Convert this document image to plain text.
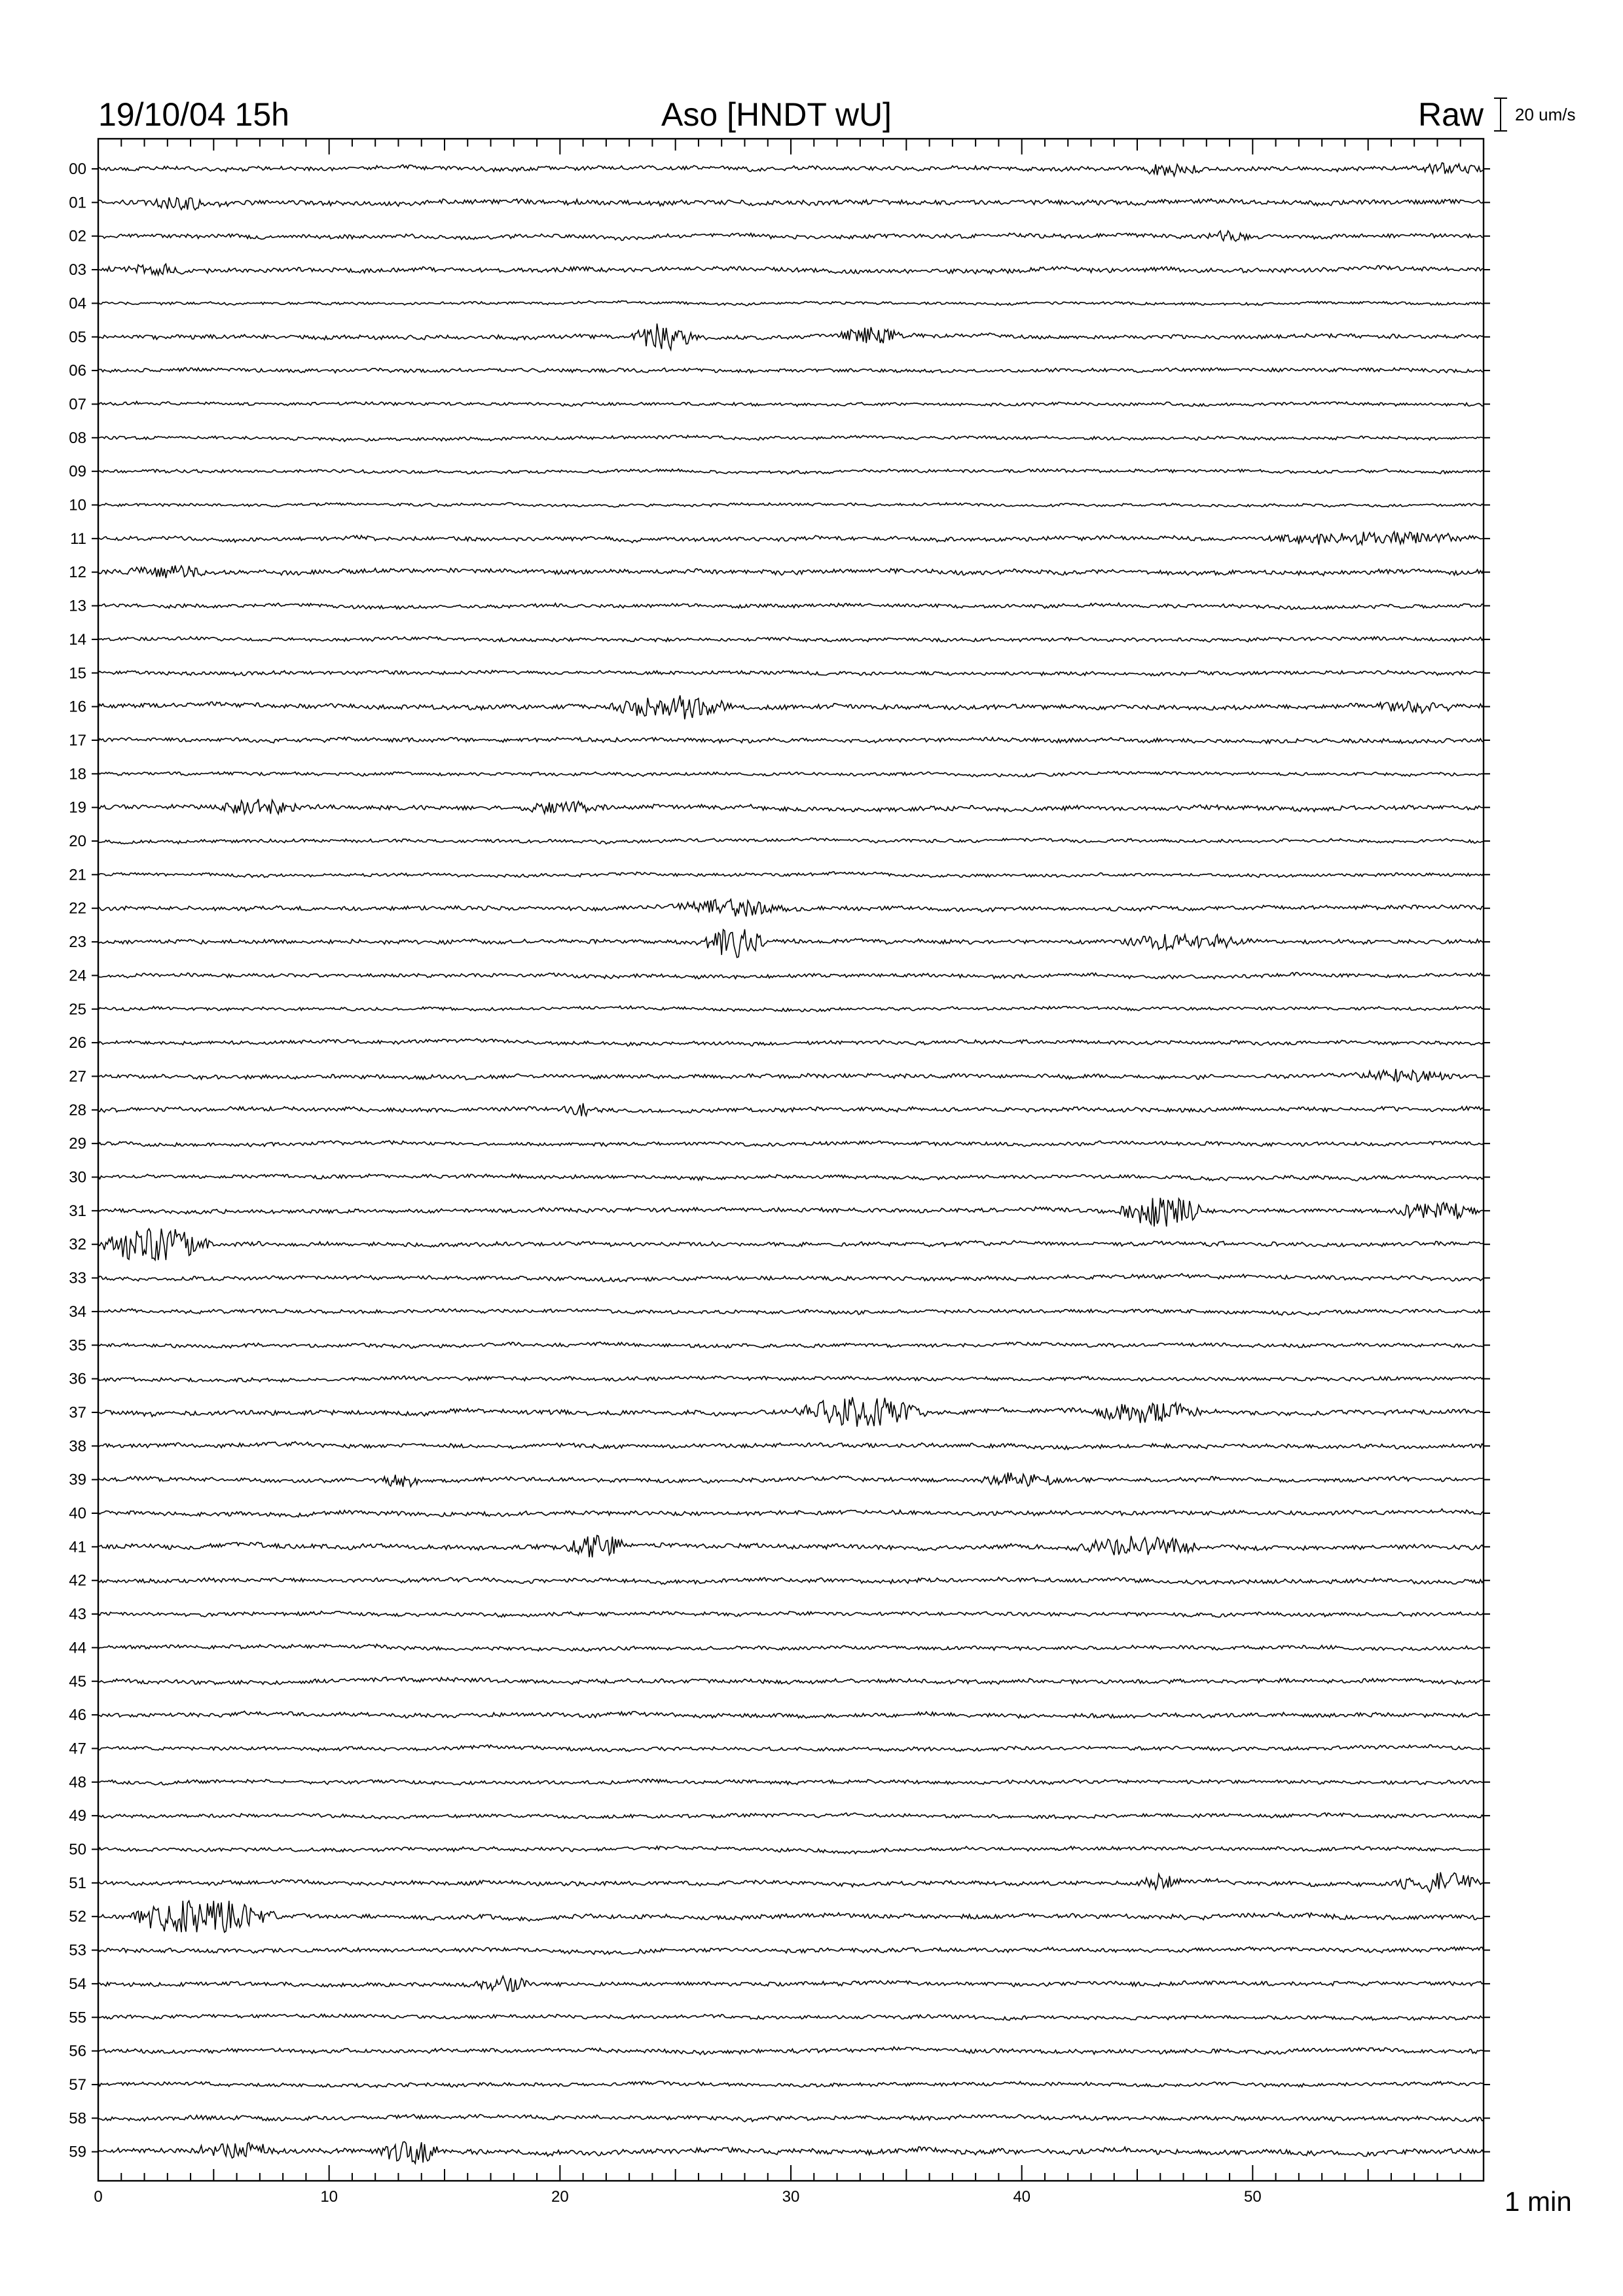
19/10/04 15h	Aso [HNDT wU]	Raw 20 um/s
00
01
02
03
04
05
06
07
08
09
10
11
12
13
14
15
16
17
18
19
20
21
22
23
24
25
26
27
28
29
30
31
32
33
34
35
36
37
38
39
40
41
42
43
44
45
46
47
48
49
50
51
52
53
54
55
56
57
58
59
0	10	20	30	40	50	1 min
